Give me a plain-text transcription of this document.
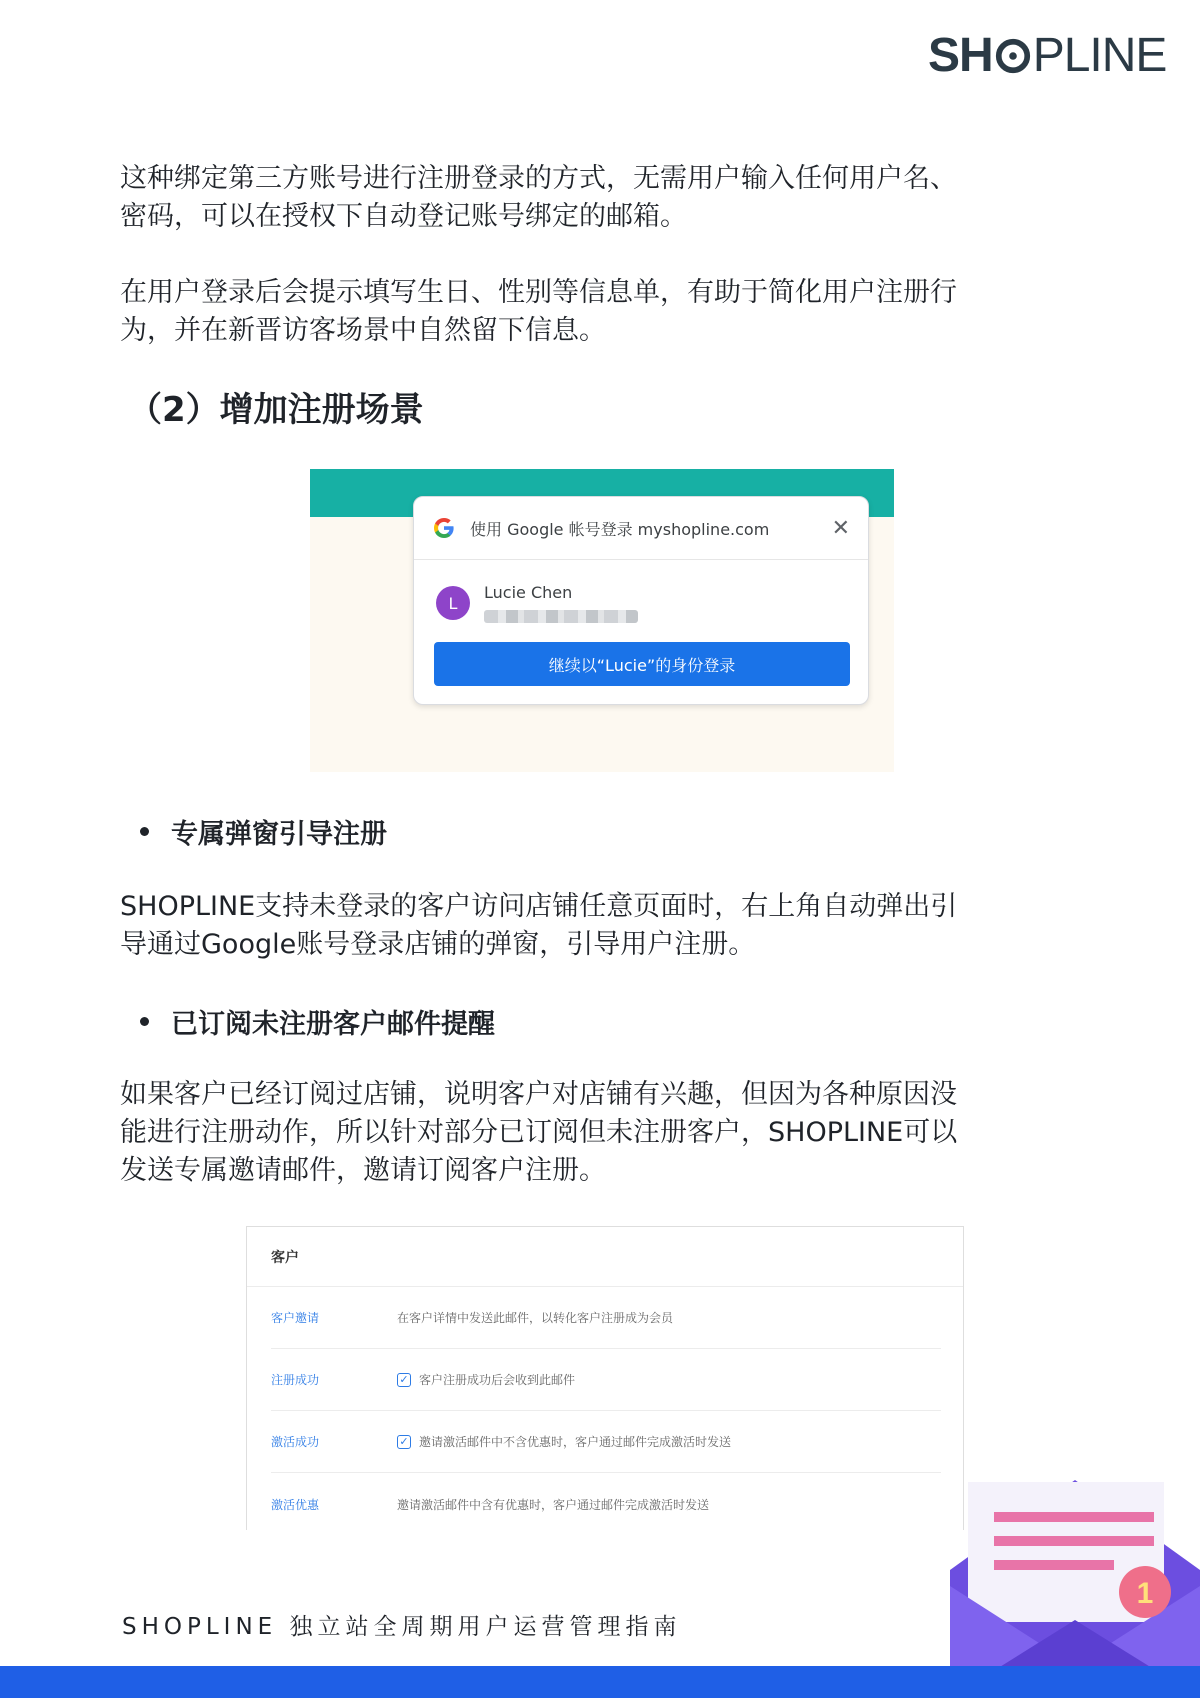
SH PLINE
这种绑定第三方账号进行注册登录的方式，无需用户输入任何用户名、
密码，可以在授权下自动登记账号绑定的邮箱。
在用户登录后会提示填写生日、性别等信息单，有助于简化用户注册行
为，并在新晋访客场景中自然留下信息。
（2）增加注册场景
使用 Google 帐号登录 myshopline.com	✕
L
Lucie Chen
继续以“Lucie”的身份登录
专属弹窗引导注册
SHOPLINE支持未登录的客户访问店铺任意页面时，右上角自动弹出引
导通过Google账号登录店铺的弹窗，引导用户注册。
已订阅未注册客户邮件提醒
如果客户已经订阅过店铺，说明客户对店铺有兴趣，但因为各种原因没
能进行注册动作，所以针对部分已订阅但未注册客户，SHOPLINE可以
发送专属邀请邮件，邀请订阅客户注册。
客户
客户邀请	在客户详情中发送此邮件，以转化客户注册成为会员
注册成功	✓ 客户注册成功后会收到此邮件
激活成功	✓ 邀请激活邮件中不含优惠时，客户通过邮件完成激活时发送
激活优惠	邀请激活邮件中含有优惠时，客户通过邮件完成激活时发送
1
SHOPLINE 独立站全周期用户运营管理指南
